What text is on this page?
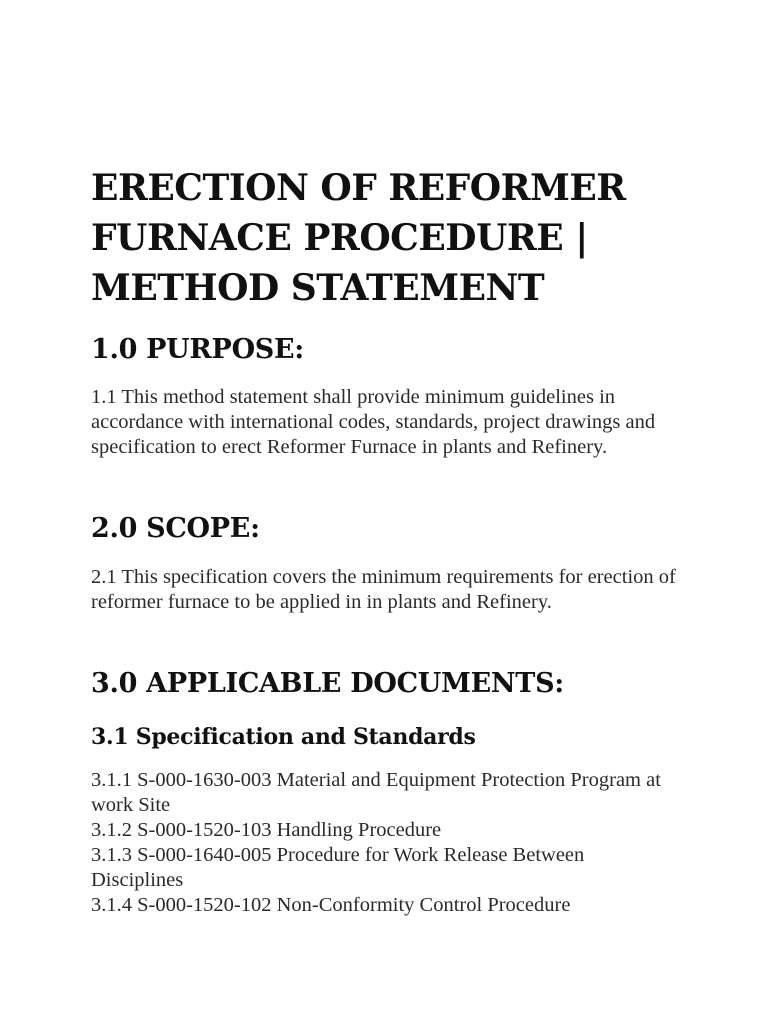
ERECTION OF REFORMER FURNACE PROCEDURE | METHOD STATEMENT
1.0 PURPOSE:

1.1 This method statement shall provide minimum guidelines in accordance with international codes, standards, project drawings and specification to erect Reformer Furnace in plants and Refinery.

2.0 SCOPE:

2.1 This specification covers the minimum requirements for erection of reformer furnace to be applied in in plants and Refinery.

3.0 APPLICABLE DOCUMENTS:
3.1 Specification and Standards
3.1.1 S-000-1630-003 Material and Equipment Protection Program at work Site
3.1.2 S-000-1520-103 Handling Procedure
3.1.3 S-000-1640-005 Procedure for Work Release Between Disciplines
3.1.4 S-000-1520-102 Non-Conformity Control Procedure
